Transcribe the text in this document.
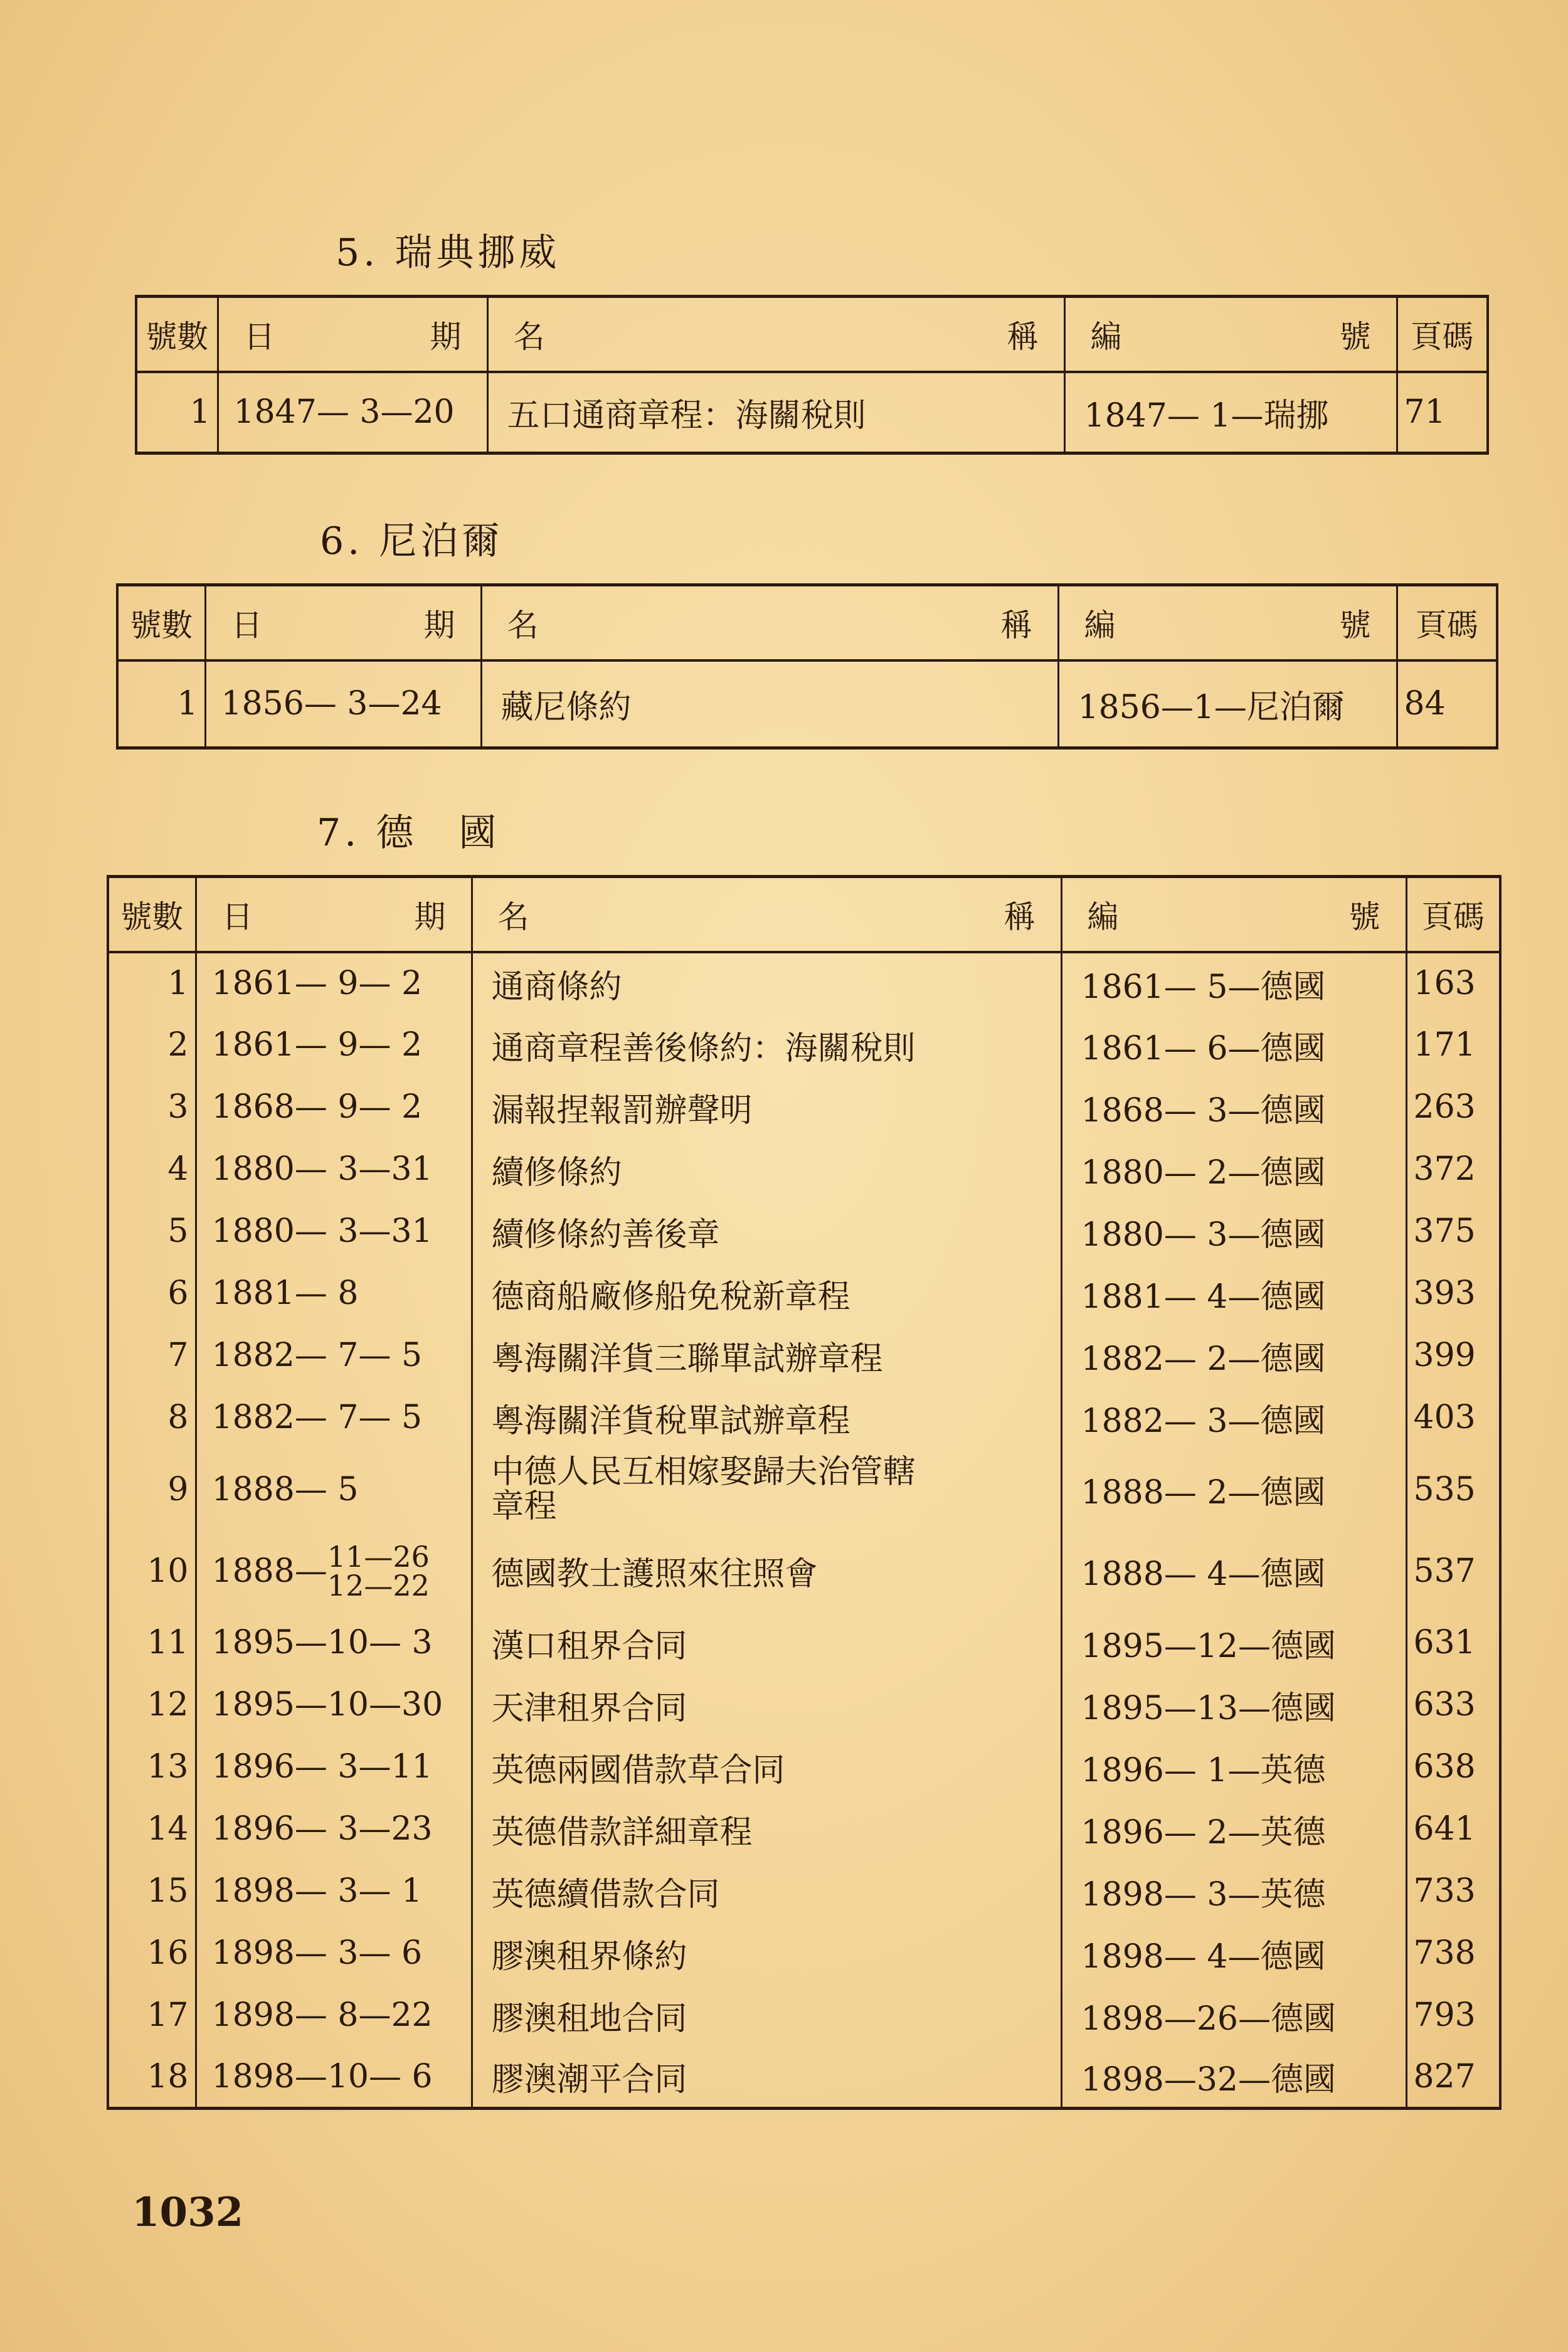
5. 瑞典挪威
號數	日 期	名 稱	編 號	頁碼
1	1847— 3—20	五口通商章程：海關稅則	1847— 1—瑞挪	71
6. 尼泊爾
號數	日 期	名 稱	編 號	頁碼
1	1856— 3—24	藏尼條約	1856—1—尼泊爾	84
7. 德　國
號數	日 期	名 稱	編 號	頁碼
1	1861— 9— 2	通商條約	1861— 5—德國	163
2	1861— 9— 2	通商章程善後條約：海關稅則	1861— 6—德國	171
3	1868— 9— 2	漏報捏報罰辦聲明	1868— 3—德國	263
4	1880— 3—31	續修條約	1880— 2—德國	372
5	1880— 3—31	續修條約善後章	1880— 3—德國	375
6	1881— 8	德商船廠修船免稅新章程	1881— 4—德國	393
7	1882— 7— 5	粵海關洋貨三聯單試辦章程	1882— 2—德國	399
8	1882— 7— 5	粵海關洋貨稅單試辦章程	1882— 3—德國	403
9	1888— 5	中德人民互相嫁娶歸夫治管轄
章程	1888— 2—德國	535
10	1888— 11—26
12—22	德國教士護照來往照會	1888— 4—德國	537
11	1895—10— 3	漢口租界合同	1895—12—德國	631
12	1895—10—30	天津租界合同	1895—13—德國	633
13	1896— 3—11	英德兩國借款草合同	1896— 1—英德	638
14	1896— 3—23	英德借款詳細章程	1896— 2—英德	641
15	1898— 3— 1	英德續借款合同	1898— 3—英德	733
16	1898— 3— 6	膠澳租界條約	1898— 4—德國	738
17	1898— 8—22	膠澳租地合同	1898—26—德國	793
18	1898—10— 6	膠澳潮平合同	1898—32—德國	827
1032
